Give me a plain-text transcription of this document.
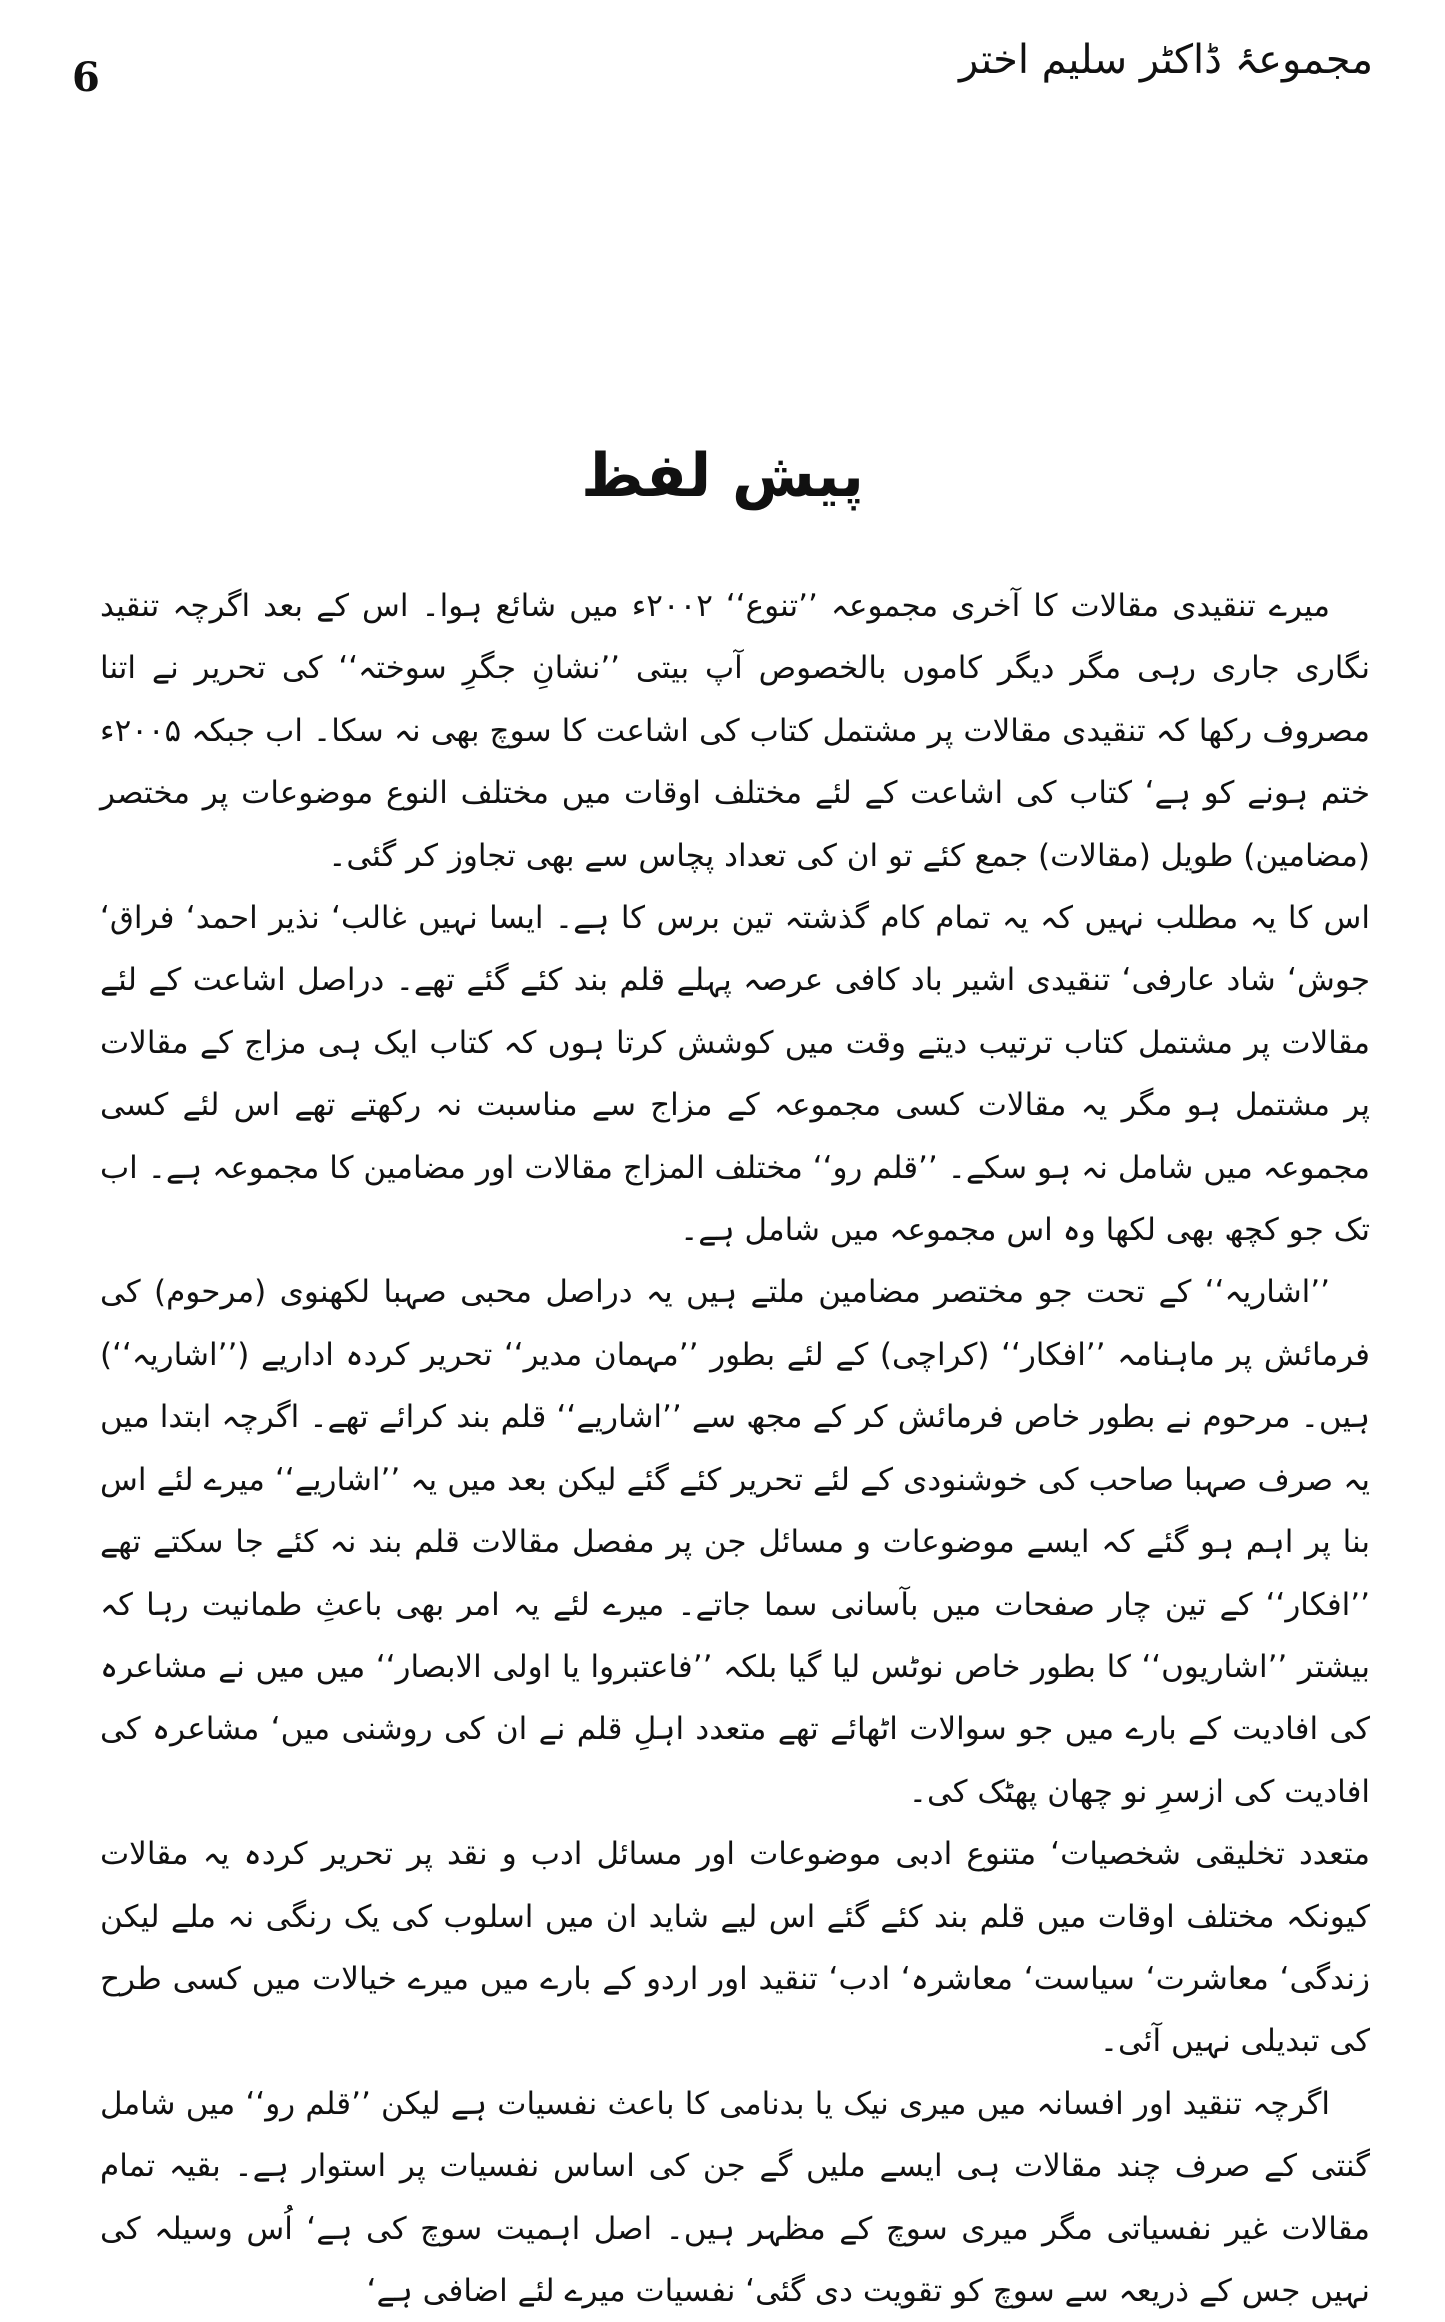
6	مجموعۂ ڈاکٹر سلیم اختر
پیش لفظ

میرے تنقیدی مقالات کا آخری مجموعہ ’’تنوع‘‘ ۲۰۰۲ء میں شائع ہوا۔ اس کے بعد اگرچہ تنقید نگاری جاری رہی مگر دیگر کاموں بالخصوص آپ بیتی ’’نشانِ جگرِ سوختہ‘‘ کی تحریر نے اتنا مصروف رکھا کہ تنقیدی مقالات پر مشتمل کتاب کی اشاعت کا سوچ بھی نہ سکا۔ اب جبکہ ۲۰۰۵ء ختم ہونے کو ہے‘ کتاب کی اشاعت کے لئے مختلف اوقات میں مختلف النوع موضوعات پر مختصر (مضامین) طویل (مقالات) جمع کئے تو ان کی تعداد پچاس سے بھی تجاوز کر گئی۔

اس کا یہ مطلب نہیں کہ یہ تمام کام گذشتہ تین برس کا ہے۔ ایسا نہیں غالب‘ نذیر احمد‘ فراق‘ جوش‘ شاد عارفی‘ تنقیدی اشیر باد کافی عرصہ پہلے قلم بند کئے گئے تھے۔ دراصل اشاعت کے لئے مقالات پر مشتمل کتاب ترتیب دیتے وقت میں کوشش کرتا ہوں کہ کتاب ایک ہی مزاج کے مقالات پر مشتمل ہو مگر یہ مقالات کسی مجموعہ کے مزاج سے مناسبت نہ رکھتے تھے اس لئے کسی مجموعہ میں شامل نہ ہو سکے۔ ’’قلم رو‘‘ مختلف المزاج مقالات اور مضامین کا مجموعہ ہے۔ اب تک جو کچھ بھی لکھا وہ اس مجموعہ میں شامل ہے۔

’’اشاریہ‘‘ کے تحت جو مختصر مضامین ملتے ہیں یہ دراصل محبی صہبا لکھنوی (مرحوم) کی فرمائش پر ماہنامہ ’’افکار‘‘ (کراچی) کے لئے بطور ’’مہمان مدیر‘‘ تحریر کردہ اداریے (’’اشاریہ‘‘) ہیں۔ مرحوم نے بطور خاص فرمائش کر کے مجھ سے ’’اشاریے‘‘ قلم بند کرائے تھے۔ اگرچہ ابتدا میں یہ صرف صہبا صاحب کی خوشنودی کے لئے تحریر کئے گئے لیکن بعد میں یہ ’’اشاریے‘‘ میرے لئے اس بنا پر اہم ہو گئے کہ ایسے موضوعات و مسائل جن پر مفصل مقالات قلم بند نہ کئے جا سکتے تھے ’’افکار‘‘ کے تین چار صفحات میں بآسانی سما جاتے۔ میرے لئے یہ امر بھی باعثِ طمانیت رہا کہ بیشتر ’’اشاریوں‘‘ کا بطور خاص نوٹس لیا گیا بلکہ ’’فاعتبروا یا اولی الابصار‘‘ میں میں نے مشاعرہ کی افادیت کے بارے میں جو سوالات اٹھائے تھے متعدد اہلِ قلم نے ان کی روشنی میں‘ مشاعرہ کی افادیت کی ازسرِ نو چھان پھٹک کی۔

متعدد تخلیقی شخصیات‘ متنوع ادبی موضوعات اور مسائل ادب و نقد پر تحریر کردہ یہ مقالات کیونکہ مختلف اوقات میں قلم بند کئے گئے اس لیے شاید ان میں اسلوب کی یک رنگی نہ ملے لیکن زندگی‘ معاشرت‘ سیاست‘ معاشرہ‘ ادب‘ تنقید اور اردو کے بارے میں میرے خیالات میں کسی طرح کی تبدیلی نہیں آئی۔

اگرچہ تنقید اور افسانہ میں میری نیک یا بدنامی کا باعث نفسیات ہے لیکن ’’قلم رو‘‘ میں شامل گنتی کے صرف چند مقالات ہی ایسے ملیں گے جن کی اساس نفسیات پر استوار ہے۔ بقیہ تمام مقالات غیر نفسیاتی مگر میری سوچ کے مظہر ہیں۔ اصل اہمیت سوچ کی ہے‘ اُس وسیلہ کی نہیں جس کے ذریعہ سے سوچ کو تقویت دی گئی‘ نفسیات میرے لئے اضافی ہے‘
